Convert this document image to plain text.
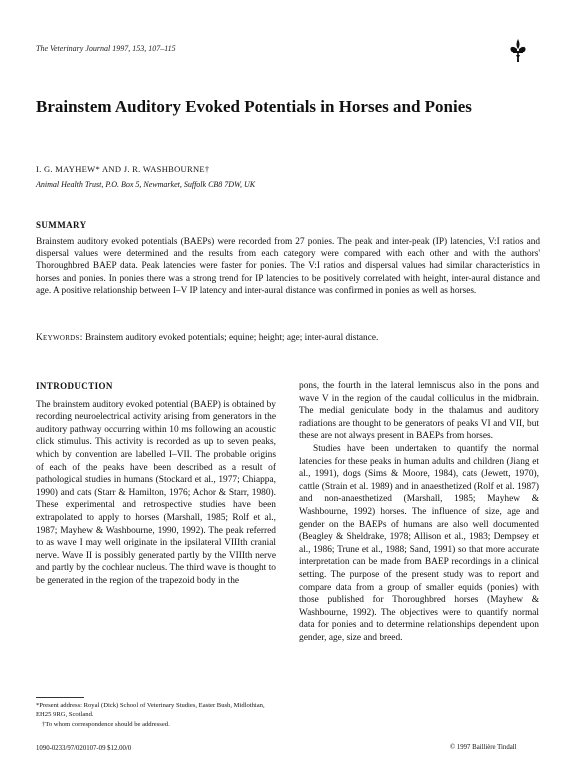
The Veterinary Journal 1997, 153, 107–115
Brainstem Auditory Evoked Potentials in Horses and Ponies
I. G. MAYHEW* AND J. R. WASHBOURNE†
Animal Health Trust, P.O. Box 5, Newmarket, Suffolk CB8 7DW, UK
SUMMARY

Brainstem auditory evoked potentials (BAEPs) were recorded from 27 ponies. The peak and inter-peak (IP) latencies, V:I ratios and dispersal values were determined and the results from each category were compared with each other and with the authors' Thoroughbred BAEP data. Peak latencies were faster for ponies. The V:I ratios and dispersal values had similar characteristics in horses and ponies. In ponies there was a strong trend for IP latencies to be positively correlated with height, inter-aural distance and age. A positive relationship between I–V IP latency and inter-aural distance was confirmed in ponies as well as horses.

Keywords: Brainstem auditory evoked potentials; equine; height; age; inter-aural distance.

INTRODUCTION

The brainstem auditory evoked potential (BAEP) is obtained by recording neuroelectrical activity arising from generators in the auditory pathway occurring within 10 ms following an acoustic click stimulus. This activity is recorded as up to seven peaks, which by convention are labelled I–VII. The probable origins of each of the peaks have been described as a result of pathological studies in humans (Stockard et al., 1977; Chiappa, 1990) and cats (Starr & Hamilton, 1976; Achor & Starr, 1980). These experimental and retrospective studies have been extrapolated to apply to horses (Marshall, 1985; Rolf et al., 1987; Mayhew & Washbourne, 1990, 1992). The peak referred to as wave I may well originate in the ipsilateral VIIIth cranial nerve. Wave II is possibly generated partly by the VIIIth nerve and partly by the cochlear nucleus. The third wave is thought to be generated in the region of the trapezoid body in the

pons, the fourth in the lateral lemniscus also in the pons and wave V in the region of the caudal colliculus in the midbrain. The medial geniculate body in the thalamus and auditory radiations are thought to be generators of peaks VI and VII, but these are not always present in BAEPs from horses.

Studies have been undertaken to quantify the normal latencies for these peaks in human adults and children (Jiang et al., 1991), dogs (Sims & Moore, 1984), cats (Jewett, 1970), cattle (Strain et al. 1989) and in anaesthetized (Rolf et al. 1987) and non-anaesthetized (Marshall, 1985; Mayhew & Washbourne, 1992) horses. The influence of size, age and gender on the BAEPs of humans are also well documented (Beagley & Sheldrake, 1978; Allison et al., 1983; Dempsey et al., 1986; Trune et al., 1988; Sand, 1991) so that more accurate interpretation can be made from BAEP recordings in a clinical setting. The purpose of the present study was to report and compare data from a group of smaller equids (ponies) with those published for Thoroughbred horses (Mayhew & Washbourne, 1992). The objectives were to quantify normal data for ponies and to determine relationships dependent upon gender, age, size and breed.

*Present address: Royal (Dick) School of Veterinary Studies, Easter Bush, Midlothian, EH25 9RG, Scotland.

†To whom correspondence should be addressed.
1090-0233/97/020107-09 $12.00/0	© 1997 Baillière Tindall
